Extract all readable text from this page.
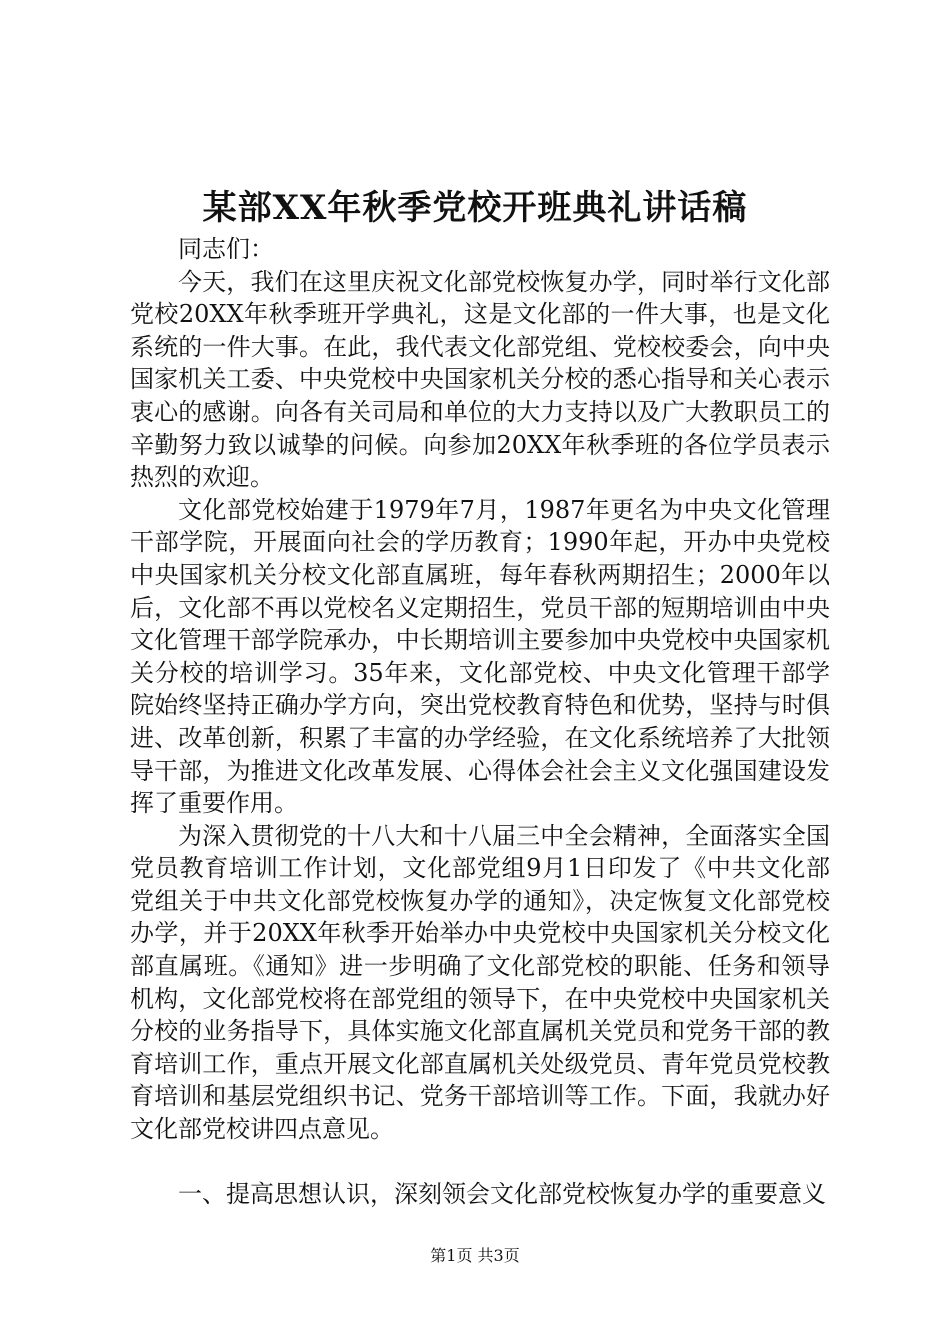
某部XX年秋季党校开班典礼讲话稿

同志们：

今天，我们在这里庆祝文化部党校恢复办学，同时举行文化部党校20XX年秋季班开学典礼，这是文化部的一件大事，也是文化系统的一件大事。在此，我代表文化部党组、党校校委会，向中央国家机关工委、中央党校中央国家机关分校的悉心指导和关心表示衷心的感谢。向各有关司局和单位的大力支持以及广大教职员工的辛勤努力致以诚挚的问候。向参加20XX年秋季班的各位学员表示热烈的欢迎。

文化部党校始建于1979年7月，1987年更名为中央文化管理干部学院，开展面向社会的学历教育；1990年起，开办中央党校中央国家机关分校文化部直属班，每年春秋两期招生；2000年以后，文化部不再以党校名义定期招生，党员干部的短期培训由中央文化管理干部学院承办，中长期培训主要参加中央党校中央国家机关分校的培训学习。35年来，文化部党校、中央文化管理干部学院始终坚持正确办学方向，突出党校教育特色和优势，坚持与时俱进、改革创新，积累了丰富的办学经验，在文化系统培养了大批领导干部，为推进文化改革发展、心得体会社会主义文化强国建设发挥了重要作用。

为深入贯彻党的十八大和十八届三中全会精神，全面落实全国党员教育培训工作计划，文化部党组9月1日印发了《中共文化部党组关于中共文化部党校恢复办学的通知》，决定恢复文化部党校办学，并于20XX年秋季开始举办中央党校中央国家机关分校文化部直属班。《通知》进一步明确了文化部党校的职能、任务和领导机构，文化部党校将在部党组的领导下，在中央党校中央国家机关分校的业务指导下，具体实施文化部直属机关党员和党务干部的教育培训工作，重点开展文化部直属机关处级党员、青年党员党校教育培训和基层党组织书记、党务干部培训等工作。下面，我就办好文化部党校讲四点意见。

一、提高思想认识，深刻领会文化部党校恢复办学的重要意义

第1页 共3页
